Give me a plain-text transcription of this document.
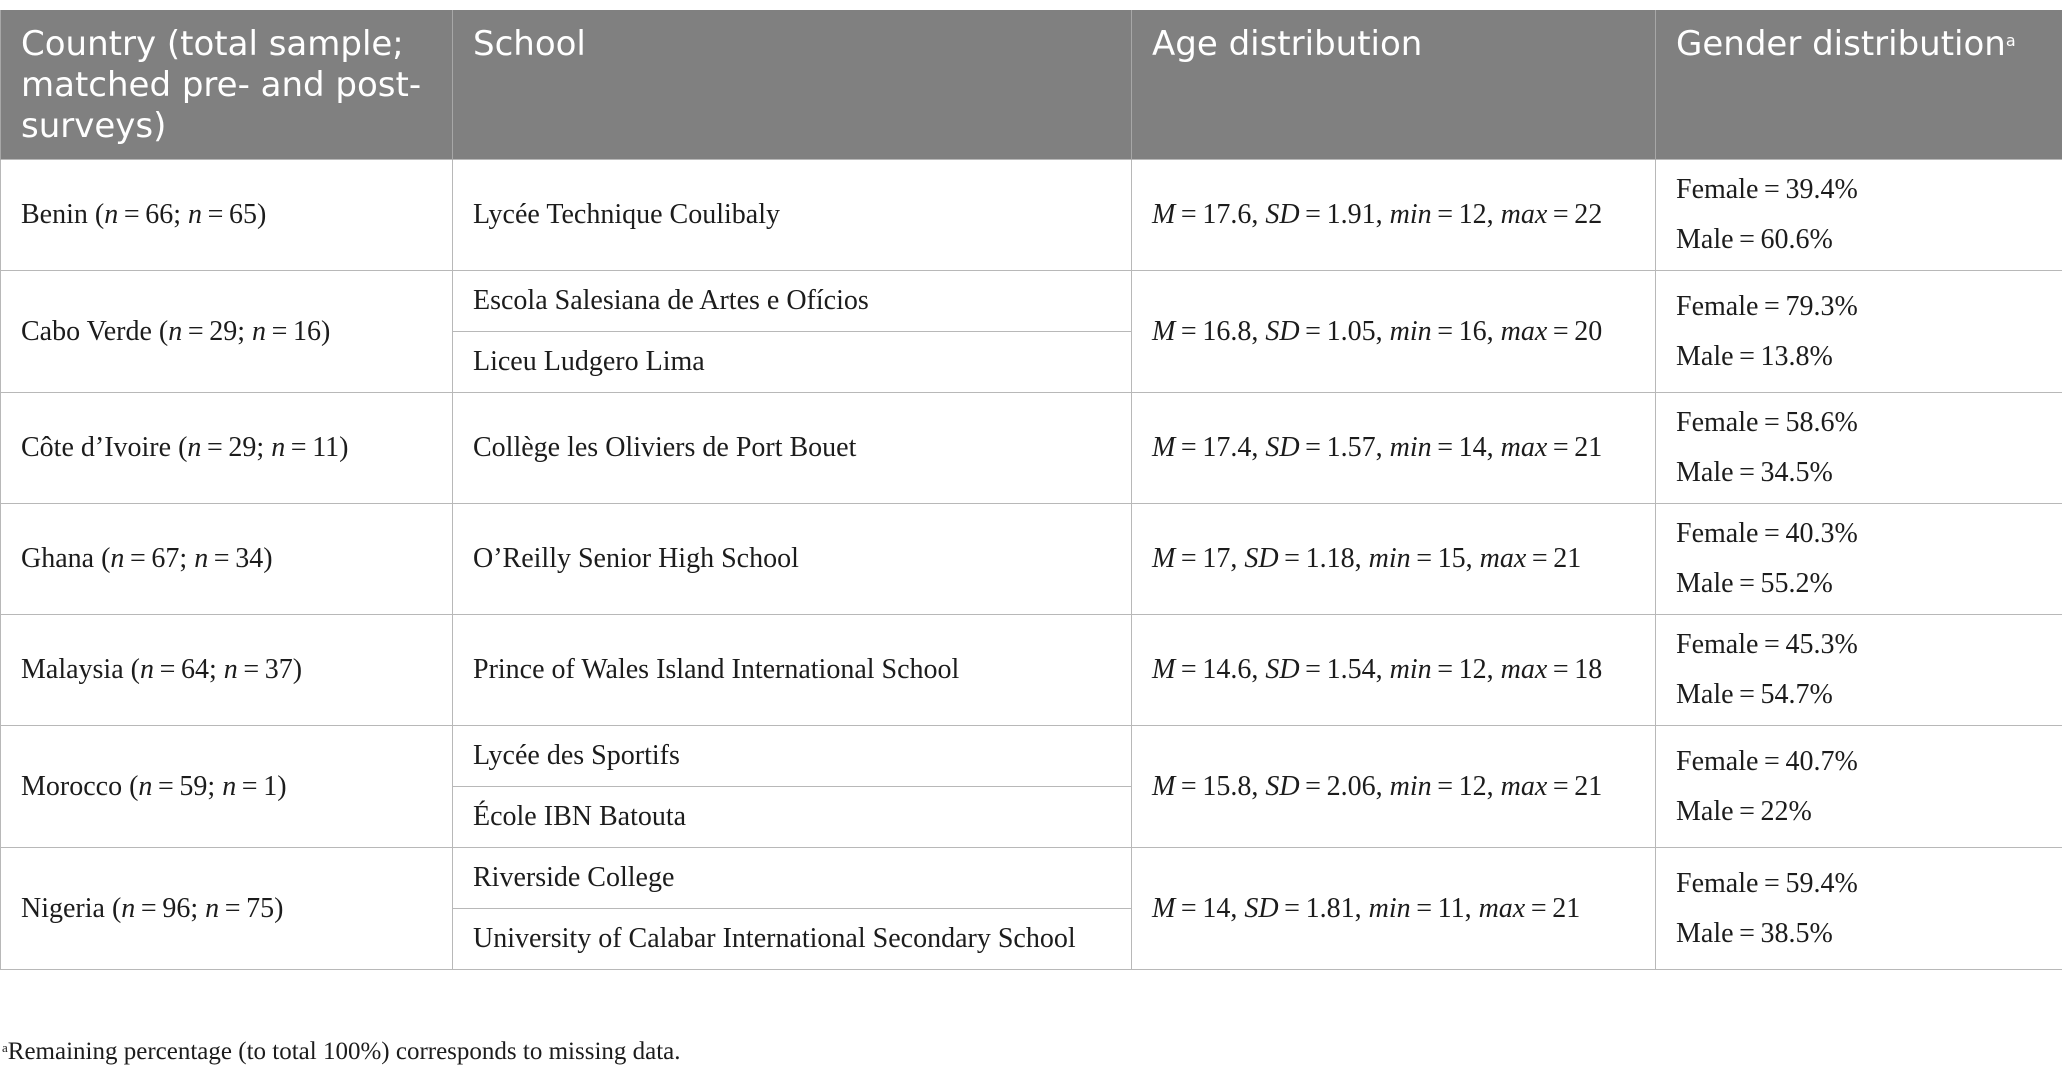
Country (total sample; matched pre- and post-surveys)	School	Age distribution	Gender distribution$^a$
Benin (n = 66; n = 65)	Lycée Technique Coulibaly	M = 17.6, SD = 1.91, min = 12, max = 22	Female = 39.4%
Male = 60.6%

Cabo Verde (n = 29; n = 16)	Escola Salesiana de Artes e Ofícios	M = 16.8, SD = 1.05, min = 16, max = 20	Female = 79.3%
Male = 13.8%

	Liceu Ludgero Lima		
Côte d’Ivoire (n = 29; n = 11)	Collège les Oliviers de Port Bouet	M = 17.4, SD = 1.57, min = 14, max = 21	Female = 58.6%
Male = 34.5%

Ghana (n = 67; n = 34)	O’Reilly Senior High School	M = 17, SD = 1.18, min = 15, max = 21	Female = 40.3%
Male = 55.2%

Malaysia (n = 64; n = 37)	Prince of Wales Island International School	M = 14.6, SD = 1.54, min = 12, max = 18	Female = 45.3%
Male = 54.7%

Morocco (n = 59; n = 1)	Lycée des Sportifs	M = 15.8, SD = 2.06, min = 12, max = 21	Female = 40.7%
Male = 22%

	École IBN Batouta		
Nigeria (n = 96; n = 75)	Riverside College	M = 14, SD = 1.81, min = 11, max = 21	Female = 59.4%
Male = 38.5%

	University of Calabar International Secondary School		
$^a$Remaining percentage (to total 100%) corresponds to missing data.
